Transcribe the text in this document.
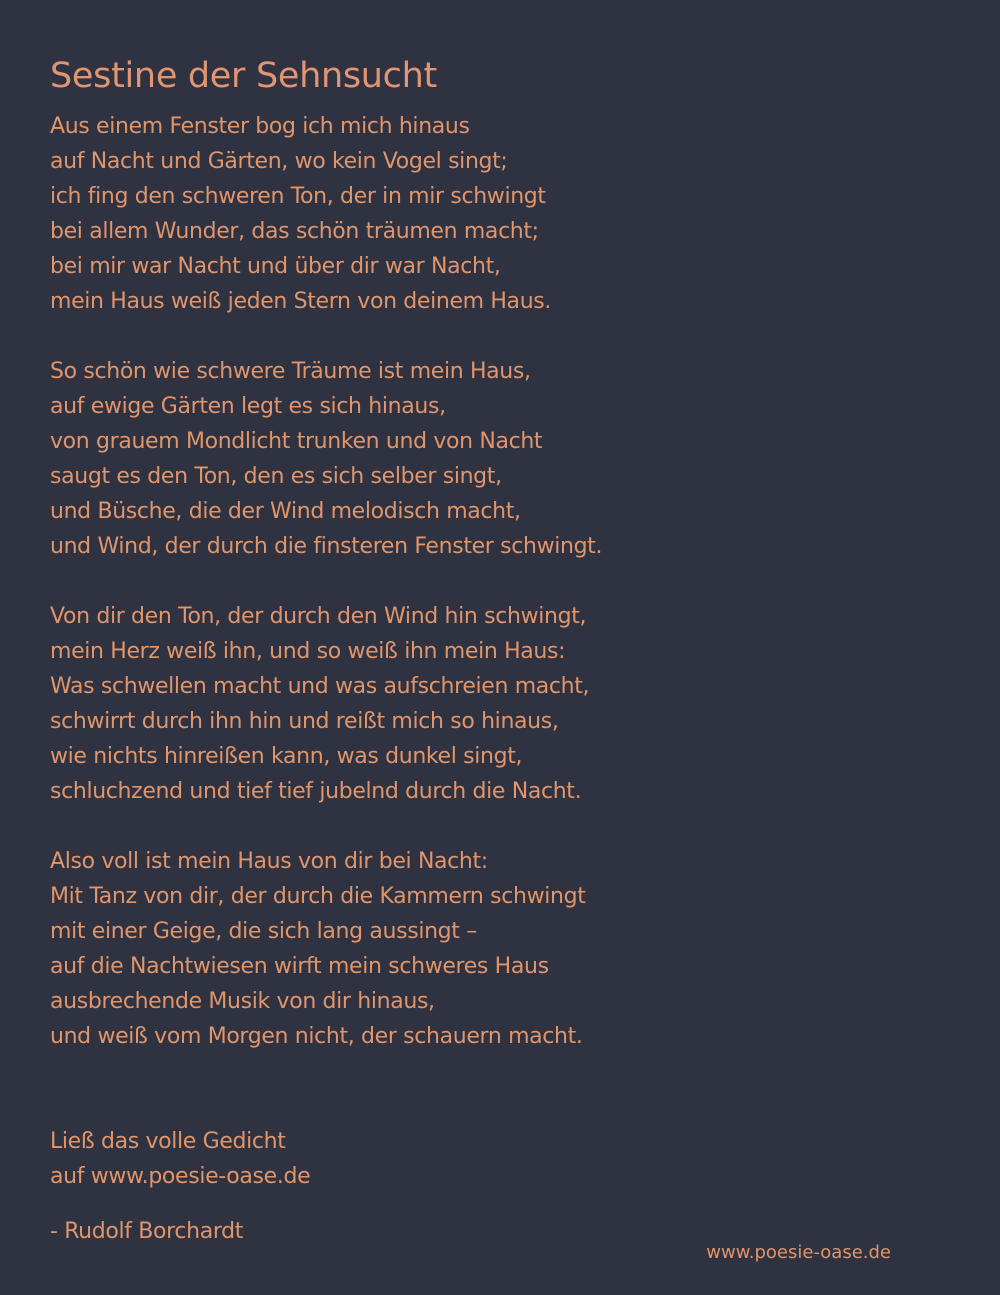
Sestine der Sehnsucht
Aus einem Fenster bog ich mich hinaus
auf Nacht und Gärten, wo kein Vogel singt;
ich fing den schweren Ton, der in mir schwingt
bei allem Wunder, das schön träumen macht;
bei mir war Nacht und über dir war Nacht,
mein Haus weiß jeden Stern von deinem Haus.
So schön wie schwere Träume ist mein Haus,
auf ewige Gärten legt es sich hinaus,
von grauem Mondlicht trunken und von Nacht
saugt es den Ton, den es sich selber singt,
und Büsche, die der Wind melodisch macht,
und Wind, der durch die finsteren Fenster schwingt.
Von dir den Ton, der durch den Wind hin schwingt,
mein Herz weiß ihn, und so weiß ihn mein Haus:
Was schwellen macht und was aufschreien macht,
schwirrt durch ihn hin und reißt mich so hinaus,
wie nichts hinreißen kann, was dunkel singt,
schluchzend und tief tief jubelnd durch die Nacht.
Also voll ist mein Haus von dir bei Nacht:
Mit Tanz von dir, der durch die Kammern schwingt
mit einer Geige, die sich lang aussingt –
auf die Nachtwiesen wirft mein schweres Haus
ausbrechende Musik von dir hinaus,
und weiß vom Morgen nicht, der schauern macht.
Ließ das volle Gedicht
auf www.poesie-oase.de
- Rudolf Borchardt
www.poesie-oase.de
